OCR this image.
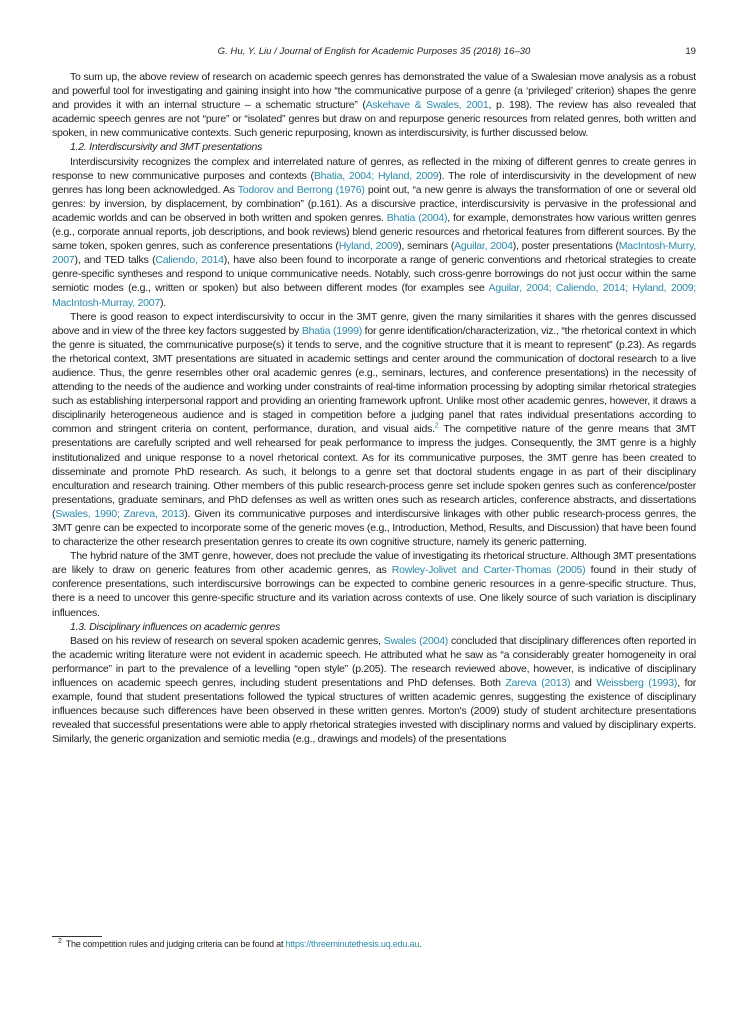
G. Hu, Y. Liu / Journal of English for Academic Purposes 35 (2018) 16–30	19

To sum up, the above review of research on academic speech genres has demonstrated the value of a Swalesian move analysis as a robust and powerful tool for investigating and gaining insight into how “the communicative purpose of a genre (a ‘privileged’ criterion) shapes the genre and provides it with an internal structure – a schematic structure” (Askehave & Swales, 2001, p. 198). The review has also revealed that academic speech genres are not “pure” or “isolated” genres but draw on and repurpose generic resources from related genres, both written and spoken, in new communicative contexts. Such generic repurposing, known as interdiscursivity, is further discussed below.

1.2. Interdiscursivity and 3MT presentations

Interdiscursivity recognizes the complex and interrelated nature of genres, as reflected in the mixing of different genres to create genres in response to new communicative purposes and contexts (Bhatia, 2004; Hyland, 2009). The role of interdiscursivity in the development of new genres has long been acknowledged. As Todorov and Berrong (1976) point out, “a new genre is always the transformation of one or several old genres: by inversion, by displacement, by combination” (p.161). As a discursive practice, interdiscursivity is pervasive in the professional and academic worlds and can be observed in both written and spoken genres. Bhatia (2004), for example, demonstrates how various written genres (e.g., corporate annual reports, job descriptions, and book reviews) blend generic resources and rhetorical features from different sources. By the same token, spoken genres, such as conference presentations (Hyland, 2009), seminars (Aguilar, 2004), poster presentations (MacIntosh-Murry, 2007), and TED talks (Caliendo, 2014), have also been found to incorporate a range of generic conventions and rhetorical strategies to create genre-specific syntheses and respond to unique communicative needs. Notably, such cross-genre borrowings do not just occur within the same semiotic modes (e.g., written or spoken) but also between different modes (for examples see Aguilar, 2004; Caliendo, 2014; Hyland, 2009; MacIntosh-Murray, 2007).

There is good reason to expect interdiscursivity to occur in the 3MT genre, given the many similarities it shares with the genres discussed above and in view of the three key factors suggested by Bhatia (1999) for genre identification/characterization, viz., “the rhetorical context in which the genre is situated, the communicative purpose(s) it tends to serve, and the cognitive structure that it is meant to represent” (p.23). As regards the rhetorical context, 3MT presentations are situated in academic settings and center around the communication of doctoral research to a live audience. Thus, the genre resembles other oral academic genres (e.g., seminars, lectures, and conference presentations) in the necessity of attending to the needs of the audience and working under constraints of real-time information processing by adopting similar rhetorical strategies such as establishing interpersonal rapport and providing an orienting framework upfront. Unlike most other academic genres, however, it draws a disciplinarily heterogeneous audience and is staged in competition before a judging panel that rates individual presentations according to common and stringent criteria on content, performance, duration, and visual aids.$^2$ The competitive nature of the genre means that 3MT presentations are carefully scripted and well rehearsed for peak performance to impress the judges. Consequently, the 3MT genre is a highly institutionalized and unique response to a novel rhetorical context. As for its communicative purposes, the 3MT genre has been created to disseminate and promote PhD research. As such, it belongs to a genre set that doctoral students engage in as part of their disciplinary enculturation and research training. Other members of this public research-process genre set include spoken genres such as conference/poster presentations, graduate seminars, and PhD defenses as well as written ones such as research articles, conference abstracts, and dissertations (Swales, 1990; Zareva, 2013). Given its communicative purposes and interdiscursive linkages with other public research-process genres, the 3MT genre can be expected to incorporate some of the generic moves (e.g., Introduction, Method, Results, and Discussion) that have been found to characterize the other research presentation genres to create its own cognitive structure, namely its generic patterning.

The hybrid nature of the 3MT genre, however, does not preclude the value of investigating its rhetorical structure. Although 3MT presentations are likely to draw on generic features from other academic genres, as Rowley-Jolivet and Carter-Thomas (2005) found in their study of conference presentations, such interdiscursive borrowings can be expected to combine generic resources in a genre-specific structure. Thus, there is a need to uncover this genre-specific structure and its variation across contexts of use. One likely source of such variation is disciplinary influences.

1.3. Disciplinary influences on academic genres

Based on his review of research on several spoken academic genres, Swales (2004) concluded that disciplinary differences often reported in the academic writing literature were not evident in academic speech. He attributed what he saw as “a considerably greater homogeneity in oral performance” in part to the prevalence of a levelling “open style” (p.205). The research reviewed above, however, is indicative of disciplinary influences on academic speech genres, including student presentations and PhD defenses. Both Zareva (2013) and Weissberg (1993), for example, found that student presentations followed the typical structures of written academic genres, suggesting the existence of disciplinary influences because such differences have been observed in these written genres. Morton's (2009) study of student architecture presentations revealed that successful presentations were able to apply rhetorical strategies invested with disciplinary norms and valued by disciplinary experts. Similarly, the generic organization and semiotic media (e.g., drawings and models) of the presentations

$^2$ The competition rules and judging criteria can be found at https://threeminutethesis.uq.edu.au.
